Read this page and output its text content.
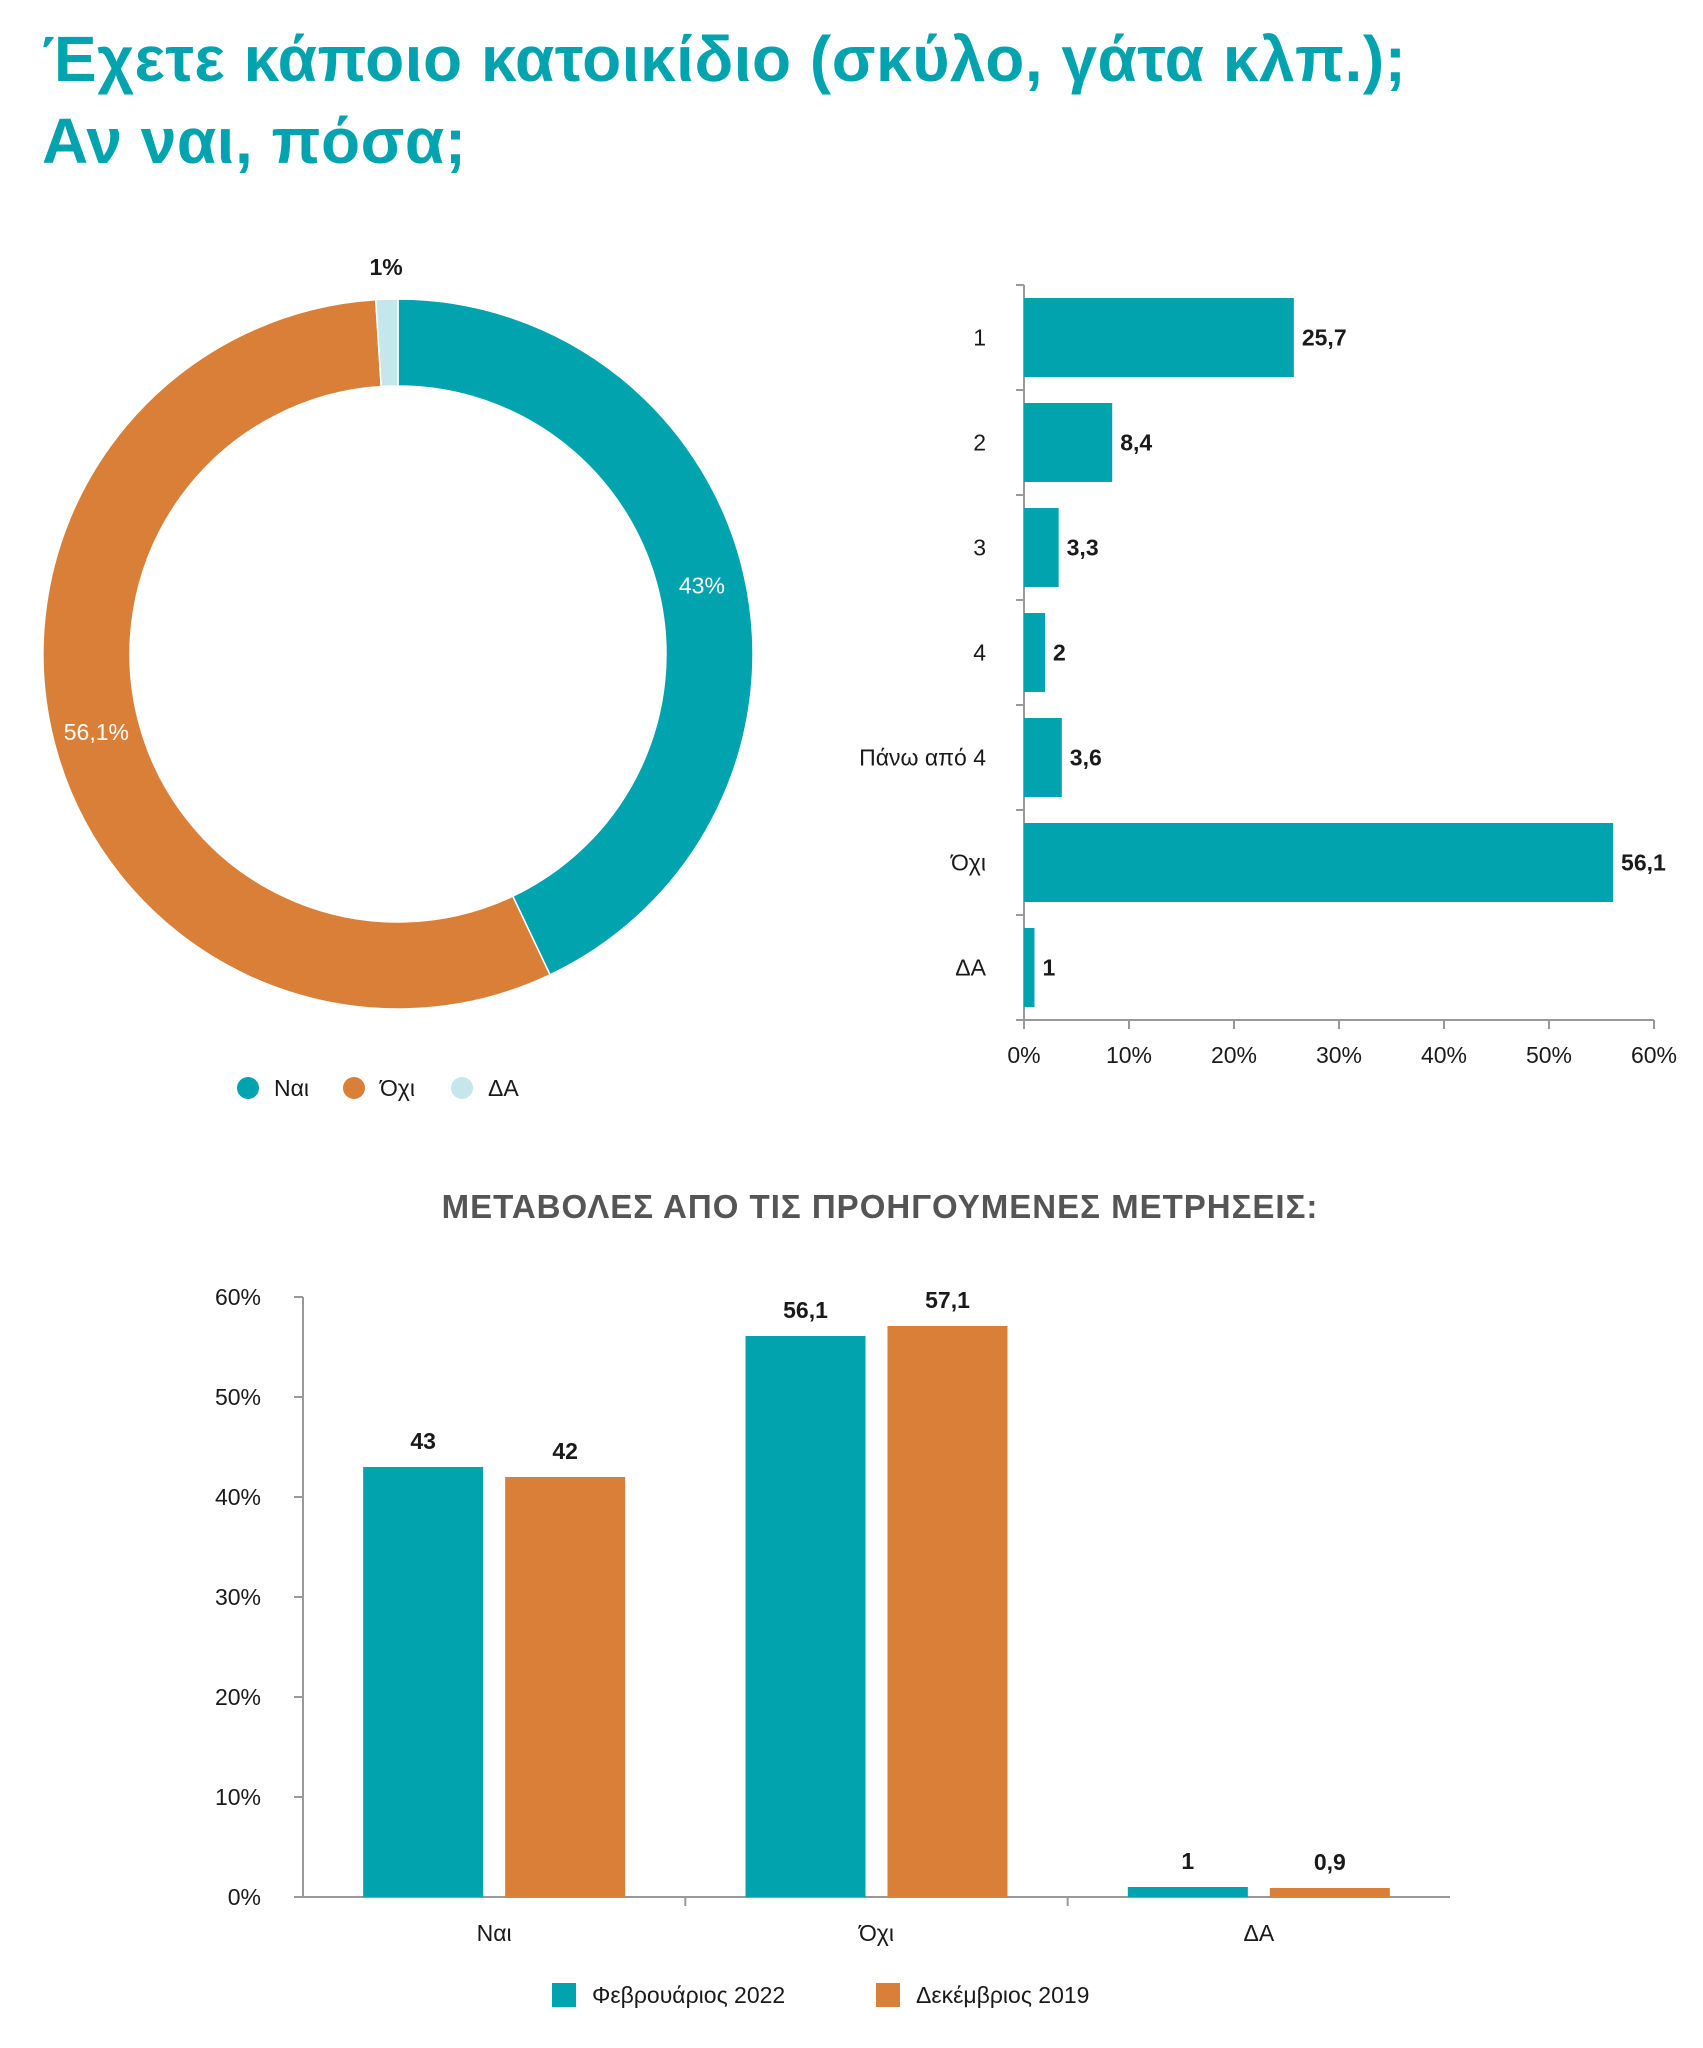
Έχετε κάποιο κατοικίδιο (σκύλο, γάτα κλπ.);
Αν ναι, πόσα;
43%
56,1%
1%
Ναι	Όχι	ΔΑ
0%	10%	20%	30%	40%	50%	60%
1	25,7
2	8,4
3	3,3
4	2
Πάνω από 4	3,6
Όχι	56,1
ΔΑ 1
ΜΕΤΑΒΟΛΕΣ ΑΠΟ ΤΙΣ ΠΡΟΗΓΟΥΜΕΝΕΣ ΜΕΤΡΗΣΕΙΣ:
0%
10%
20%
30%
40%
50%
60%
Ναι
43	42
Όχι
56,1	57,1
ΔΑ
1	0,9
Φεβρουάριος 2022	Δεκέμβριος 2019
